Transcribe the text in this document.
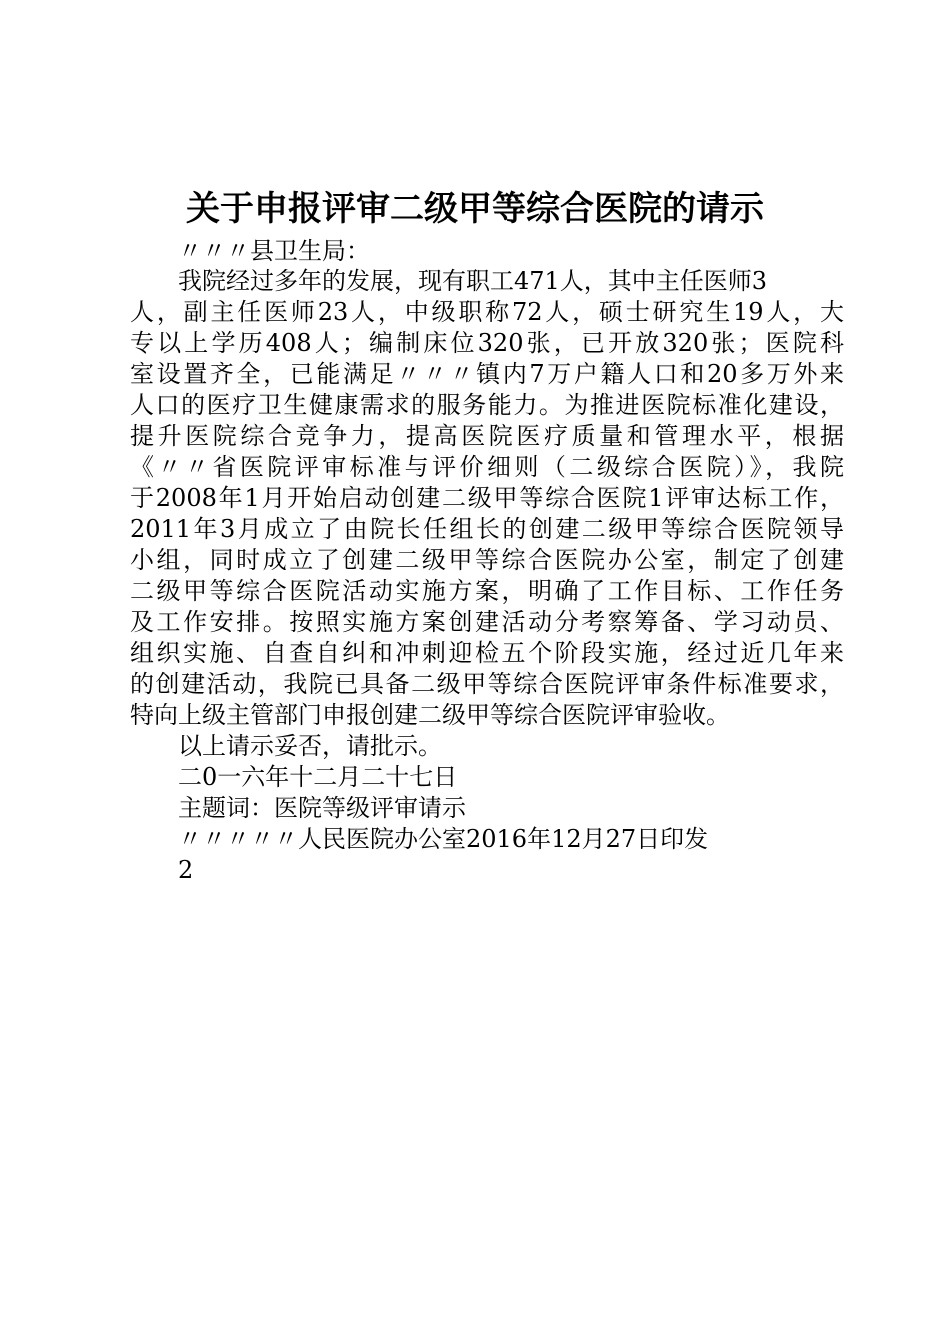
关于申报评审二级甲等综合医院的请示
〃〃〃县卫生局：
我院经过多年的发展，现有职工471人，其中主任医师3
人，副主任医师23人，中级职称72人，硕士研究生19人，大
专以上学历408人；编制床位320张，已开放320张；医院科
室设置齐全，已能满足〃〃〃镇内7万户籍人口和20多万外来
人口的医疗卫生健康需求的服务能力。为推进医院标准化建设，
提升医院综合竞争力，提高医院医疗质量和管理水平，根据
《〃〃省医院评审标准与评价细则（二级综合医院）》，我院
于2008年1月开始启动创建二级甲等综合医院1评审达标工作，
2011年3月成立了由院长任组长的创建二级甲等综合医院领导
小组，同时成立了创建二级甲等综合医院办公室，制定了创建
二级甲等综合医院活动实施方案，明确了工作目标、工作任务
及工作安排。按照实施方案创建活动分考察筹备、学习动员、
组织实施、自查自纠和冲刺迎检五个阶段实施，经过近几年来
的创建活动，我院已具备二级甲等综合医院评审条件标准要求，
特向上级主管部门申报创建二级甲等综合医院评审验收。
以上请示妥否，请批示。
二0一六年十二月二十七日
主题词：医院等级评审请示
〃〃〃〃〃人民医院办公室2016年12月27日印发
2
